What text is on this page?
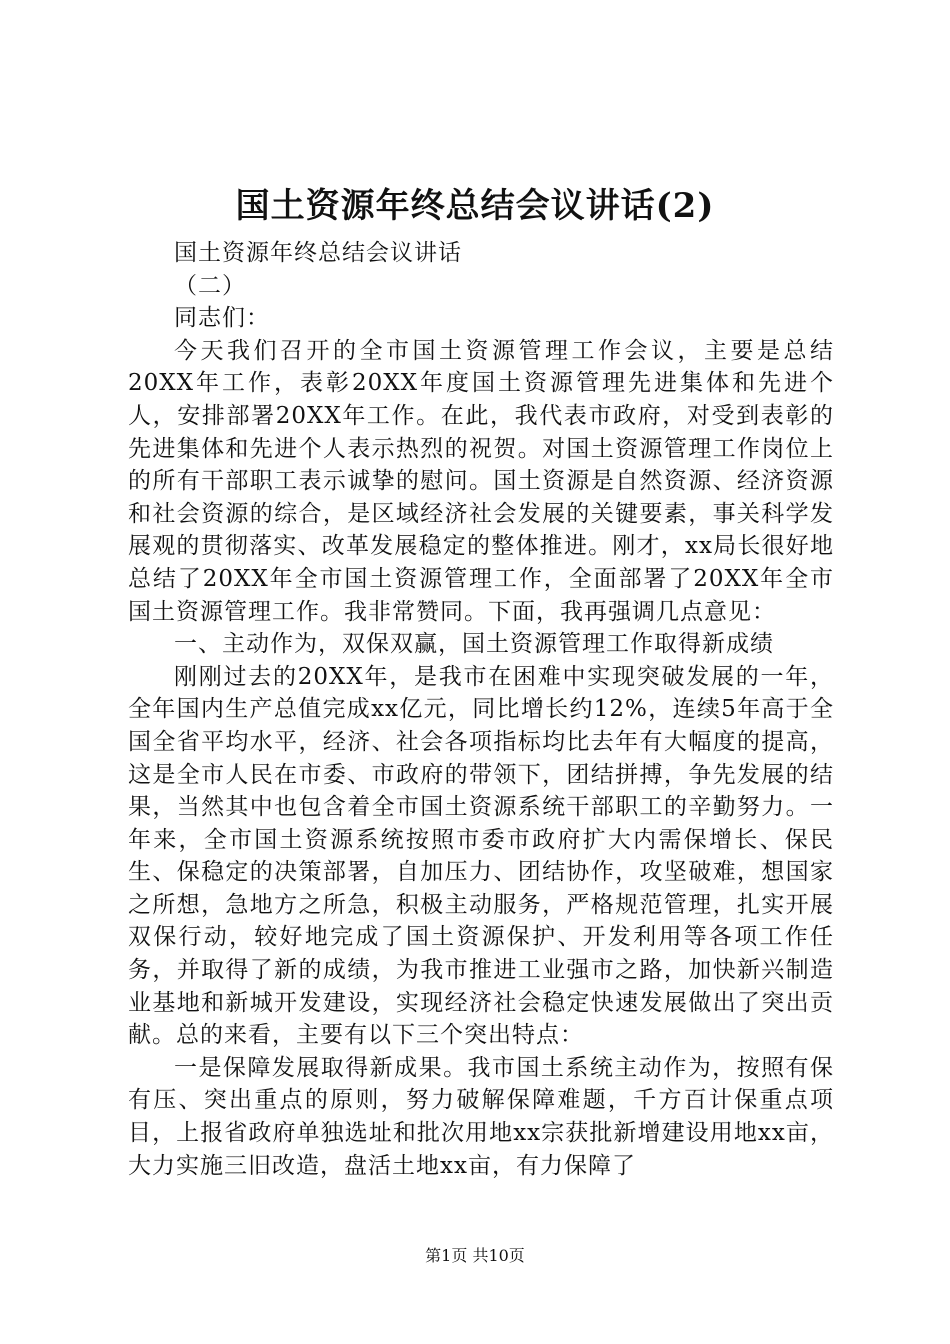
国土资源年终总结会议讲话(2)

国土资源年终总结会议讲话

（二）

同志们：

今天我们召开的全市国土资源管理工作会议，主要是总结20XX年工作，表彰20XX年度国土资源管理先进集体和先进个人，安排部署20XX年工作。在此，我代表市政府，对受到表彰的先进集体和先进个人表示热烈的祝贺。对国土资源管理工作岗位上的所有干部职工表示诚挚的慰问。国土资源是自然资源、经济资源和社会资源的综合，是区域经济社会发展的关键要素，事关科学发展观的贯彻落实、改革发展稳定的整体推进。刚才，xx局长很好地总结了20XX年全市国土资源管理工作，全面部署了20XX年全市国土资源管理工作。我非常赞同。下面，我再强调几点意见：

一、主动作为，双保双赢，国土资源管理工作取得新成绩

刚刚过去的20XX年，是我市在困难中实现突破发展的一年，全年国内生产总值完成xx亿元，同比增长约12%，连续5年高于全国全省平均水平，经济、社会各项指标均比去年有大幅度的提高，这是全市人民在市委、市政府的带领下，团结拼搏，争先发展的结果，当然其中也包含着全市国土资源系统干部职工的辛勤努力。一年来，全市国土资源系统按照市委市政府扩大内需保增长、保民生、保稳定的决策部署，自加压力、团结协作，攻坚破难，想国家之所想，急地方之所急，积极主动服务，严格规范管理，扎实开展双保行动，较好地完成了国土资源保护、开发利用等各项工作任务，并取得了新的成绩，为我市推进工业强市之路，加快新兴制造业基地和新城开发建设，实现经济社会稳定快速发展做出了突出贡献。总的来看，主要有以下三个突出特点：

一是保障发展取得新成果。我市国土系统主动作为，按照有保有压、突出重点的原则，努力破解保障难题，千方百计保重点项目，上报省政府单独选址和批次用地xx宗获批新增建设用地xx亩，大力实施三旧改造，盘活土地xx亩，有力保障了

第1页 共10页
